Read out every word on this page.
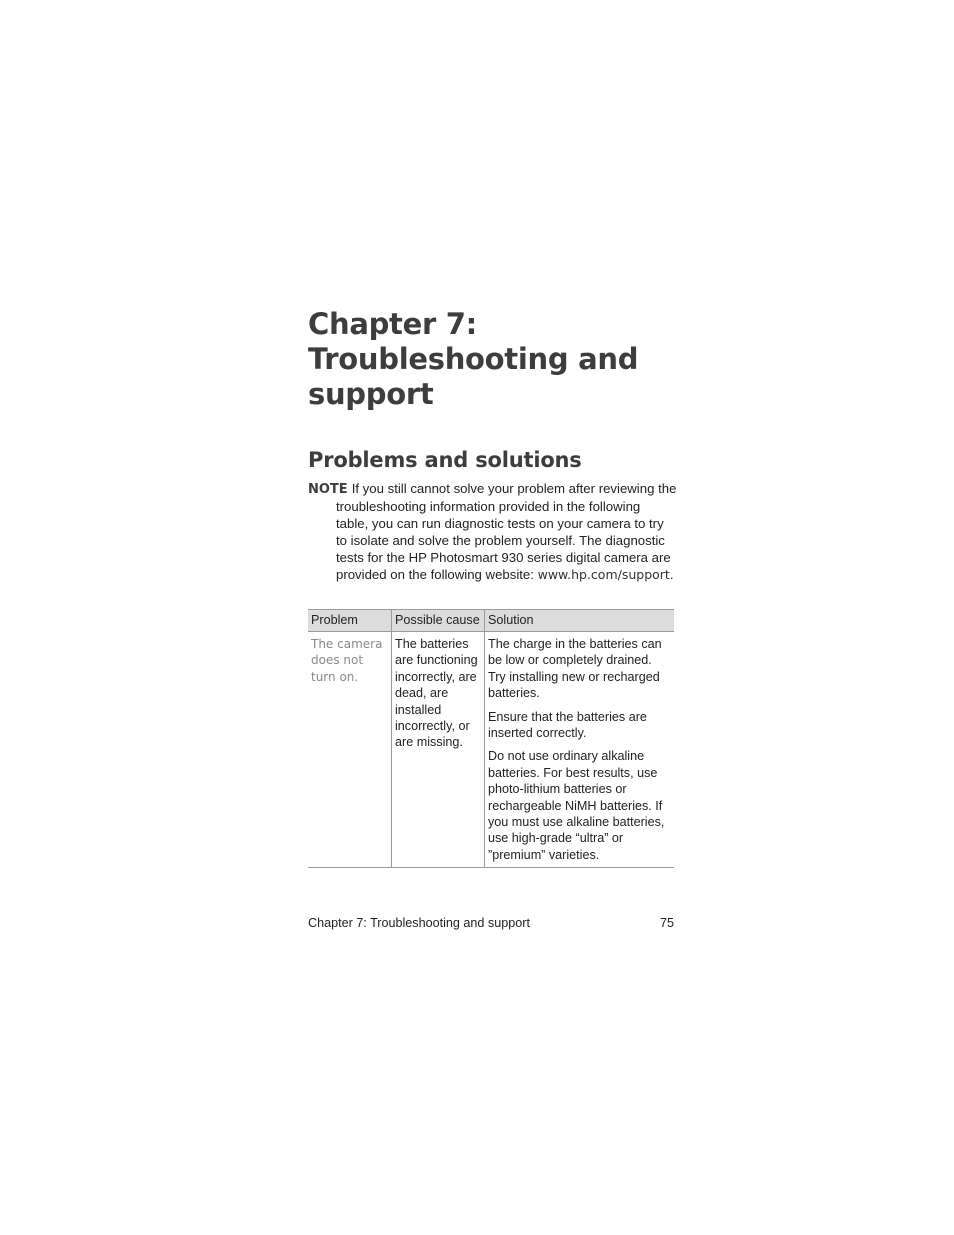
Chapter 7:
Troubleshooting and
support
Problems and solutions
NOTE If you still cannot solve your problem after reviewing the
troubleshooting information provided in the following
table, you can run diagnostic tests on your camera to try
to isolate and solve the problem yourself. The diagnostic
tests for the HP Photosmart 930 series digital camera are
provided on the following website: www.hp.com/support.
Problem	Possible cause	Solution
The camera does not turn on.	The batteries are functioning incorrectly, are dead, are installed incorrectly, or are missing.	The charge in the batteries can be low or completely drained. Try installing new or recharged batteries.

Ensure that the batteries are inserted correctly.

Do not use ordinary alkaline batteries. For best results, use photo-lithium batteries or rechargeable NiMH batteries. If you must use alkaline batteries, use high-grade “ultra” or ”premium” varieties.

Chapter 7: Troubleshooting and support	75
